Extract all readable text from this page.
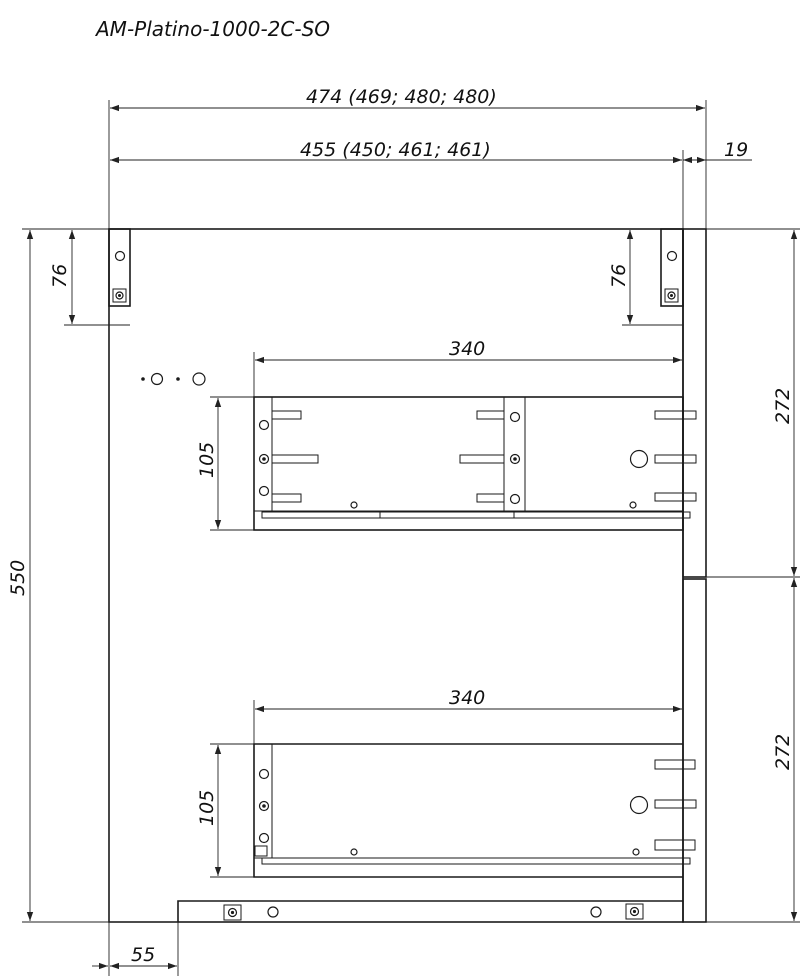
AM-Platino-1000-2C-SO
474 (469; 480; 480)
455 (450; 461; 461)	19
550
76	76
272
272
340
105
340
105
55
